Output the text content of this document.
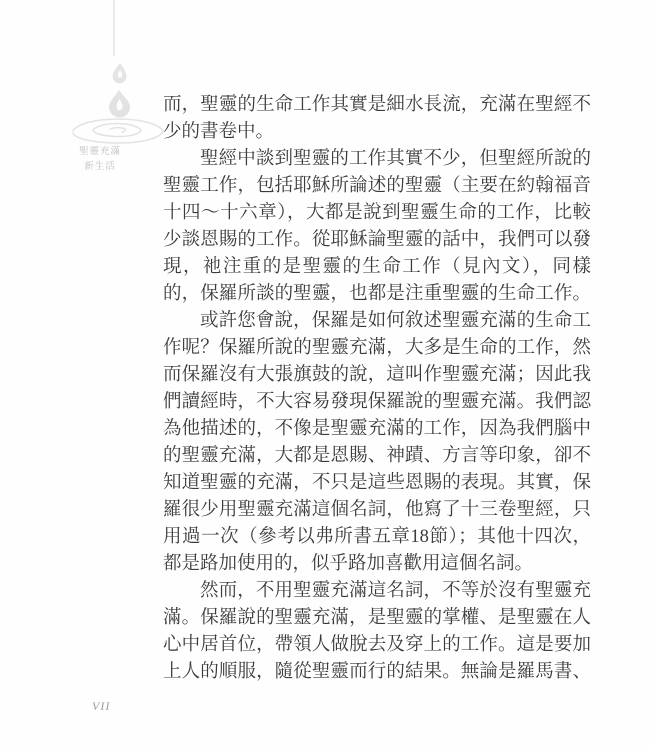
聖靈充滿
新生活
VII
而，聖靈的生命工作其實是細水長流，充滿在聖經不
少的書卷中。
聖經中談到聖靈的工作其實不少，但聖經所說的
聖靈工作，包括耶穌所論述的聖靈（主要在約翰福音
十四～十六章），大都是說到聖靈生命的工作，比較
少談恩賜的工作。從耶穌論聖靈的話中，我們可以發
現，祂注重的是聖靈的生命工作（見內文），同樣
的，保羅所談的聖靈，也都是注重聖靈的生命工作。
或許您會說，保羅是如何敘述聖靈充滿的生命工
作呢？保羅所說的聖靈充滿，大多是生命的工作，然
而保羅沒有大張旗鼓的說，這叫作聖靈充滿；因此我
們讀經時，不大容易發現保羅說的聖靈充滿。我們認
為他描述的，不像是聖靈充滿的工作，因為我們腦中
的聖靈充滿，大都是恩賜、神蹟、方言等印象，卻不
知道聖靈的充滿，不只是這些恩賜的表現。其實，保
羅很少用聖靈充滿這個名詞，他寫了十三卷聖經，只
用過一次（參考以弗所書五章18節）；其他十四次，
都是路加使用的，似乎路加喜歡用這個名詞。
然而，不用聖靈充滿這名詞，不等於沒有聖靈充
滿。保羅說的聖靈充滿，是聖靈的掌權、是聖靈在人
心中居首位，帶領人做脫去及穿上的工作。這是要加
上人的順服，隨從聖靈而行的結果。無論是羅馬書、
